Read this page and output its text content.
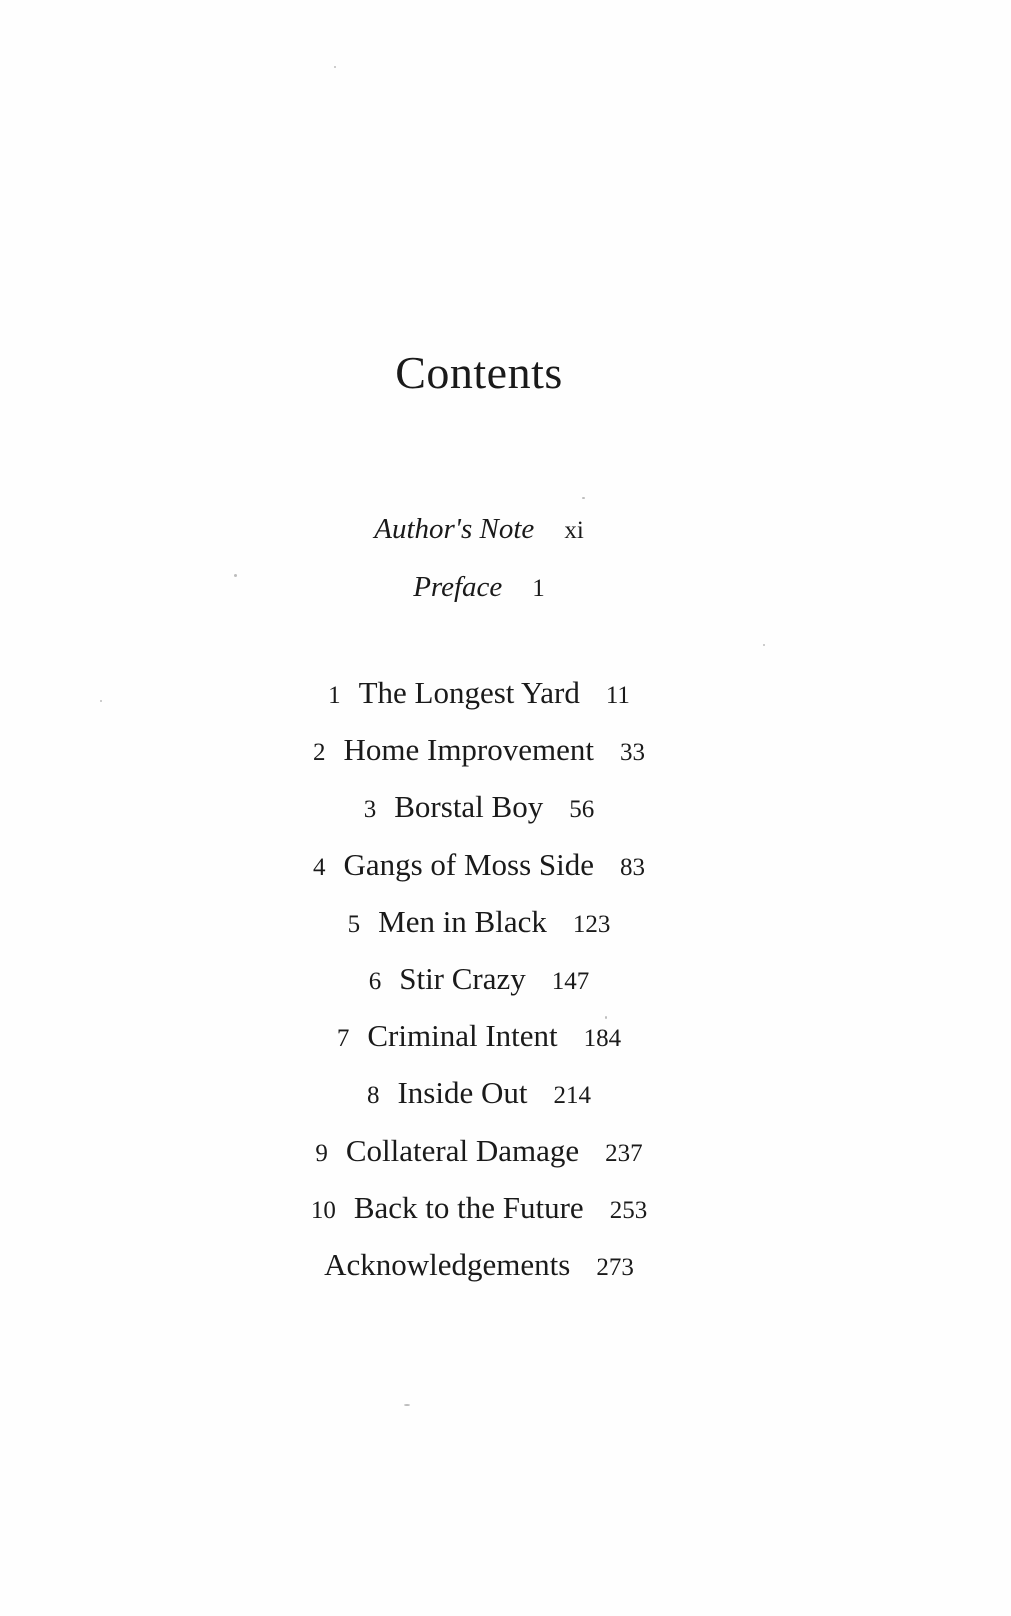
Contents
Author's Note xi
Preface 1
1 The Longest Yard 11
2 Home Improvement 33
3 Borstal Boy 56
4 Gangs of Moss Side 83
5 Men in Black 123
6 Stir Crazy 147
7 Criminal Intent 184
8 Inside Out 214
9 Collateral Damage 237
10 Back to the Future 253
Acknowledgements 273
